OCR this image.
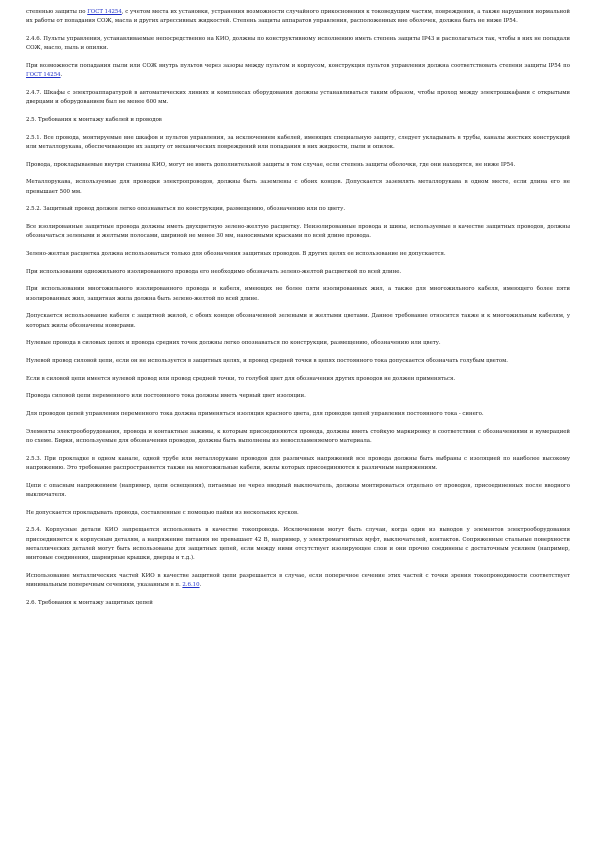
степенью защиты по ГОСТ 14254, с учетом места их установки, устранения возможности случайного прикосновения к токоведущим частям, повреждения, а также нарушения нормальной их работы от попадания СОЖ, масла и других агрессивных жидкостей. Степень защиты аппаратов управления, расположенных вне оболочек, должна быть не ниже IP54.

2.4.6. Пульты управления, устанавливаемые непосредственно на КИО, должны по конструктивному исполнению иметь степень защиты IP43 и располагаться так, чтобы в них не попадали СОЖ, масло, пыль и опилки.

При возможности попадания пыли или СОЖ внутрь пультов через зазоры между пультом и корпусом, конструкция пультов управления должна соответствовать степени защиты IP54 по ГОСТ 14254.

2.4.7. Шкафы с электроаппаратурой в автоматических линиях и комплексах оборудования должны устанавливаться таким образом, чтобы проход между электрошкафами с открытыми дверцами и оборудованием был не менее 600 мм.

2.5. Требования к монтажу кабелей и проводов

2.5.1. Все провода, монтируемые вне шкафов и пультов управления, за исключением кабелей, имеющих специальную защиту, следует укладывать в трубы, каналы жестких конструкций или металлорукава, обеспечивающие их защиту от механических повреждений или попадания в них жидкости, пыли и опилок.

Провода, прокладываемые внутри станины КИО, могут не иметь дополнительной защиты в том случае, если степень защиты оболочки, где они находятся, не ниже IP54.

Металлорукава, используемые для проводки электропроводов, должны быть заземлены с обоих концов. Допускается заземлять металлорукава в одном месте, если длина его не превышает 500 мм.

2.5.2. Защитный провод должен легко опознаваться по конструкции, размещению, обозначению или по цвету.

Все изолированные защитные провода должны иметь двухцветную зелено-желтую расцветку. Неизолированные провода и шины, используемые в качестве защитных проводов, должны обозначаться зелеными и желтыми полосами, шириной не менее 30 мм, наносимыми красками по всей длине провода.

Зелено-желтая расцветка должна использоваться только для обозначения защитных проводов. В других целях ее использование не допускается.

При использовании одножильного изолированного провода его необходимо обозначать зелено-желтой расцветкой по всей длине.

При использовании многожильного изолированного провода и кабеля, имеющих не более пяти изолированных жил, а также для многожильного кабеля, имеющего более пяти изолированных жил, защитная жила должна быть зелено-желтой по всей длине.

Допускается использование кабеля с защитной жилой, с обоих концов обозначенной зелеными и желтыми цветами. Данное требование относится также и к многожильным кабелям, у которых жилы обозначены номерами.

Нулевые провода в силовых цепях и провода средних точек должны легко опознаваться по конструкции, размещению, обозначению или цвету.

Нулевой провод силовой цепи, если он не используется в защитных целях, и провод средней точки в цепях постоянного тока допускается обозначать голубым цветом.

Если в силовой цепи имеется нулевой провод или провод средней точки, то голубой цвет для обозначения других проводов не должен применяться.

Провода силовой цепи переменного или постоянного тока должны иметь черный цвет изоляции.

Для проводов цепей управления переменного тока должна применяться изоляция красного цвета, для проводов цепей управления постоянного тока - синего.

Элементы электрооборудования, провода и контактные зажимы, к которым присоединяются провода, должны иметь стойкую маркировку в соответствии с обозначениями и нумерацией по схеме. Бирки, используемые для обозначения проводов, должны быть выполнены из невоспламеняемого материала.

2.5.3. При прокладке в одном канале, одной трубе или металлорукаве проводов для различных напряжений все провода должны быть выбраны с изоляцией по наиболее высокому напряжению. Это требование распространяется также на многожильные кабели, жилы которых присоединяются к различным напряжениям.

Цепи с опасным напряжением (например, цепи освещения), питаемые не через вводный выключатель, должны монтироваться отдельно от проводов, присоединенных после вводного выключателя.

Не допускается прокладывать провода, составленные с помощью пайки из нескольких кусков.

2.5.4. Корпусные детали КИО запрещается использовать в качестве токопровода. Исключением могут быть случаи, когда один из выводов у элементов электрооборудования присоединяется к корпусным деталям, а напряжение питания не превышает 42 В, например, у электромагнитных муфт, выключателей, контактов. Сопряженные стальные поверхности металлических деталей могут быть использованы для защитных цепей, если между ними отсутствует изолирующее слои и они прочно соединены с достаточным усилием (например, винтовые соединения, шарнирные крышки, дверцы и т.д.).

Использование металлических частей КИО в качестве защитной цепи разрешается в случае, если поперечное сечение этих частей с точки зрения токопроводимости соответствует минимальным поперечным сечениям, указанным в п. 2.6.10.

2.6. Требования к монтажу защитных цепей
